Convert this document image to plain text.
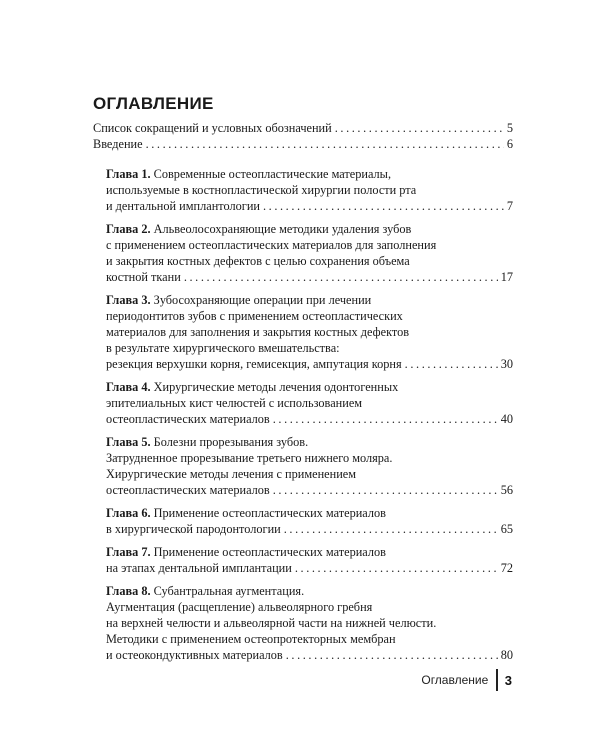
ОГЛАВЛЕНИЕ
Список сокращений и условных обозначений .....	5
Введение .....	6
Глава 1. Современные остеопластические материалы,
используемые в костнопластической хирургии полости рта
и дентальной имплантологии .....	7
Глава 2. Альвеолосохраняющие методики удаления зубов
с применением остеопластических материалов для заполнения
и закрытия костных дефектов с целью сохранения объема
костной ткани .....	17
Глава 3. Зубосохраняющие операции при лечении
периодонтитов зубов с применением остеопластических
материалов для заполнения и закрытия костных дефектов
в результате хирургического вмешательства:
резекция верхушки корня, гемисекция, ампутация корня .....	30
Глава 4. Хирургические методы лечения одонтогенных
эпителиальных кист челюстей с использованием
остеопластических материалов .....	40
Глава 5. Болезни прорезывания зубов.
Затрудненное прорезывание третьего нижнего моляра.
Хирургические методы лечения с применением
остеопластических материалов .....	56
Глава 6. Применение остеопластических материалов
в хирургической пародонтологии .....	65
Глава 7. Применение остеопластических материалов
на этапах дентальной имплантации .....	72
Глава 8. Субантральная аугментация.
Аугментация (расщепление) альвеолярного гребня
на верхней челюсти и альвеолярной части на нижней челюсти.
Методики с применением остеопротекторных мембран
и остеокондуктивных материалов .....	80
Оглавление 3
